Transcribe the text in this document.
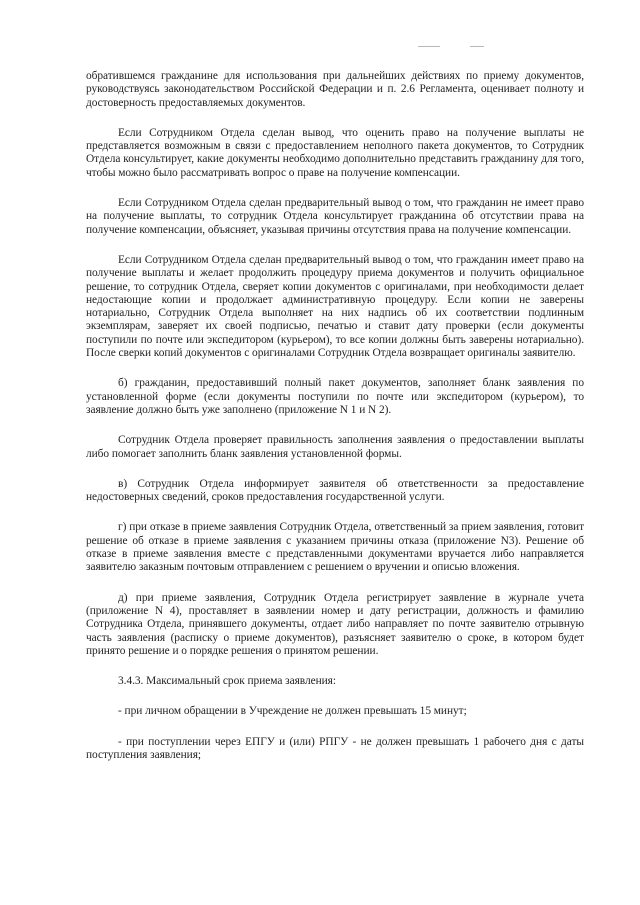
обратившемся гражданине для использования при дальнейших действиях по приему документов, руководствуясь законодательством Российской Федерации и п. 2.6 Регламента, оценивает полноту и достоверность предоставляемых документов.

Если Сотрудником Отдела сделан вывод, что оценить право на получение выплаты не представляется возможным в связи с предоставлением неполного пакета документов, то Сотрудник Отдела консультирует, какие документы необходимо дополнительно представить гражданину для того, чтобы можно было рассматривать вопрос о праве на получение компенсации.

Если Сотрудником Отдела сделан предварительный вывод о том, что гражданин не имеет право на получение выплаты, то сотрудник Отдела консультирует гражданина об отсутствии права на получение компенсации, объясняет, указывая причины отсутствия права на получение компенсации.

Если Сотрудником Отдела сделан предварительный вывод о том, что гражданин имеет право на получение выплаты и желает продолжить процедуру приема документов и получить официальное решение, то сотрудник Отдела, сверяет копии документов с оригиналами, при необходимости делает недостающие копии и продолжает административную процедуру. Если копии не заверены нотариально, Сотрудник Отдела выполняет на них надпись об их соответствии подлинным экземплярам, заверяет их своей подписью, печатью и ставит дату проверки (если документы поступили по почте или экспедитором (курьером), то все копии должны быть заверены нотариально). После сверки копий документов с оригиналами Сотрудник Отдела возвращает оригиналы заявителю.

б) гражданин, предоставивший полный пакет документов, заполняет бланк заявления по установленной форме (если документы поступили по почте или экспедитором (курьером), то заявление должно быть уже заполнено (приложение N 1 и N 2).

Сотрудник Отдела проверяет правильность заполнения заявления о предоставлении выплаты либо помогает заполнить бланк заявления установленной формы.

в) Сотрудник Отдела информирует заявителя об ответственности за предоставление недостоверных сведений, сроков предоставления государственной услуги.

г) при отказе в приеме заявления Сотрудник Отдела, ответственный за прием заявления, готовит решение об отказе в приеме заявления с указанием причины отказа (приложение N3). Решение об отказе в приеме заявления вместе с представленными документами вручается либо направляется заявителю заказным почтовым отправлением с решением о вручении и описью вложения.

д) при приеме заявления, Сотрудник Отдела регистрирует заявление в журнале учета (приложение N 4), проставляет в заявлении номер и дату регистрации, должность и фамилию Сотрудника Отдела, принявшего документы, отдает либо направляет по почте заявителю отрывную часть заявления (расписку о приеме документов), разъясняет заявителю о сроке, в котором будет принято решение и о порядке решения о принятом решении.

3.4.3. Максимальный срок приема заявления:

- при личном обращении в Учреждение не должен превышать 15 минут;

- при поступлении через ЕПГУ и (или) РПГУ - не должен превышать 1 рабочего дня с даты поступления заявления;
